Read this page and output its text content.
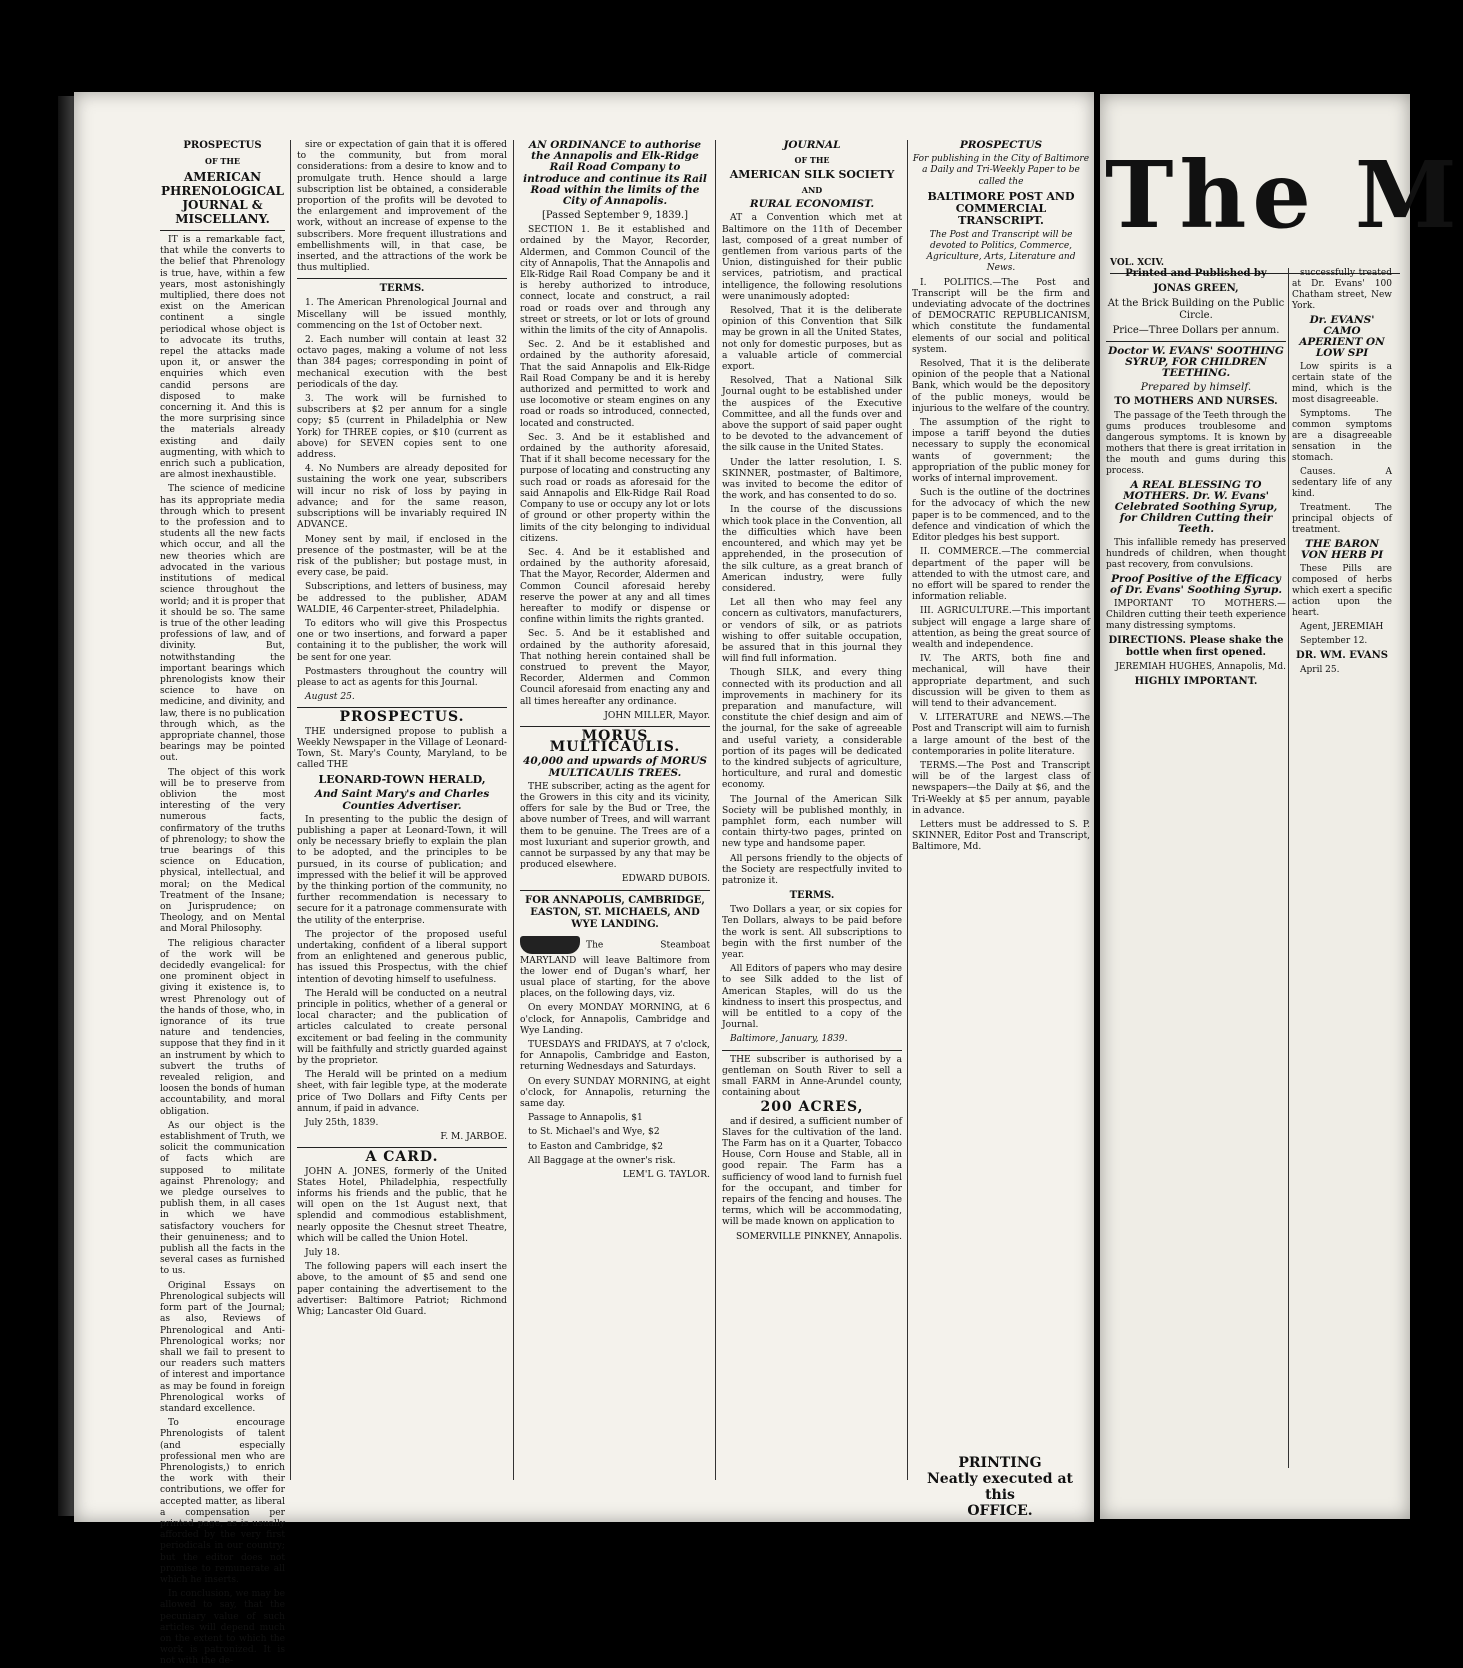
PROSPECTUS

OF THE

AMERICAN PHRENOLOGICAL JOURNAL & MISCELLANY.

IT is a remarkable fact, that while the converts to the belief that Phrenology is true, have, within a few years, most astonishingly multiplied, there does not exist on the American continent a single periodical whose object is to advocate its truths, repel the attacks made upon it, or answer the enquiries which even candid persons are disposed to make concerning it. And this is the more surprising since the materials already existing and daily augmenting, with which to enrich such a publication, are almost inexhaustible.

The science of medicine has its appropriate media through which to present to the profession and to students all the new facts which occur, and all the new theories which are advocated in the various institutions of medical science throughout the world; and it is proper that it should be so. The same is true of the other leading professions of law, and of divinity. But, notwithstanding the important bearings which phrenologists know their science to have on medicine, and divinity, and law, there is no publication through which, as the appropriate channel, those bearings may be pointed out.

The object of this work will be to preserve from oblivion the most interesting of the very numerous facts, confirmatory of the truths of phrenology; to show the true bearings of this science on Education, physical, intellectual, and moral; on the Medical Treatment of the Insane; on Jurisprudence; on Theology, and on Mental and Moral Philosophy.

The religious character of the work will be decidedly evangelical: for one prominent object in giving it existence is, to wrest Phrenology out of the hands of those, who, in ignorance of its true nature and tendencies, suppose that they find in it an instrument by which to subvert the truths of revealed religion, and loosen the bonds of human accountability, and moral obligation.

As our object is the establishment of Truth, we solicit the communication of facts which are supposed to militate against Phrenology; and we pledge ourselves to publish them, in all cases in which we have satisfactory vouchers for their genuineness; and to publish all the facts in the several cases as furnished to us.

Original Essays on Phrenological subjects will form part of the Journal; as also, Reviews of Phrenological and Anti-Phrenological works; nor shall we fail to present to our readers such matters of interest and importance as may be found in foreign Phrenological works of standard excellence.

To encourage Phrenologists of talent (and especially professional men who are Phrenologists,) to enrich the work with their contributions, we offer for accepted matter, as liberal a compensation per printed page, as is usually afforded by the very first periodicals in our country; but the editor does not promise to remunerate all which he inserts.

In conclusion, we may be allowed to say, that the pecuniary value of such articles will depend much on the extent to which the work is patronized. It is not with the de-

sire or expectation of gain that it is offered to the community, but from moral considerations: from a desire to know and to promulgate truth. Hence should a large subscription list be obtained, a considerable proportion of the profits will be devoted to the enlargement and improvement of the work, without an increase of expense to the subscribers. More frequent illustrations and embellishments will, in that case, be inserted, and the attractions of the work be thus multiplied.

TERMS.

1. The American Phrenological Journal and Miscellany will be issued monthly, commencing on the 1st of October next.

2. Each number will contain at least 32 octavo pages, making a volume of not less than 384 pages; corresponding in point of mechanical execution with the best periodicals of the day.

3. The work will be furnished to subscribers at $2 per annum for a single copy; $5 (current in Philadelphia or New York) for THREE copies, or $10 (current as above) for SEVEN copies sent to one address.

4. No Numbers are already deposited for sustaining the work one year, subscribers will incur no risk of loss by paying in advance; and for the same reason, subscriptions will be invariably required IN ADVANCE.

Money sent by mail, if enclosed in the presence of the postmaster, will be at the risk of the publisher; but postage must, in every case, be paid.

Subscriptions, and letters of business, may be addressed to the publisher, ADAM WALDIE, 46 Carpenter-street, Philadelphia.

To editors who will give this Prospectus one or two insertions, and forward a paper containing it to the publisher, the work will be sent for one year.

Postmasters throughout the country will please to act as agents for this Journal.

August 25.

PROSPECTUS.

THE undersigned propose to publish a Weekly Newspaper in the Village of Leonard-Town, St. Mary's County, Maryland, to be called THE

LEONARD-TOWN HERALD,

And Saint Mary's and Charles Counties Advertiser.

In presenting to the public the design of publishing a paper at Leonard-Town, it will only be necessary briefly to explain the plan to be adopted, and the principles to be pursued, in its course of publication; and impressed with the belief it will be approved by the thinking portion of the community, no further recommendation is necessary to secure for it a patronage commensurate with the utility of the enterprise.

The projector of the proposed useful undertaking, confident of a liberal support from an enlightened and generous public, has issued this Prospectus, with the chief intention of devoting himself to usefulness.

The Herald will be conducted on a neutral principle in politics, whether of a general or local character; and the publication of articles calculated to create personal excitement or bad feeling in the community will be faithfully and strictly guarded against by the proprietor.

The Herald will be printed on a medium sheet, with fair legible type, at the moderate price of Two Dollars and Fifty Cents per annum, if paid in advance.

July 25th, 1839.

F. M. JARBOE.

A CARD.

JOHN A. JONES, formerly of the United States Hotel, Philadelphia, respectfully informs his friends and the public, that he will open on the 1st August next, that splendid and commodious establishment, nearly opposite the Chesnut street Theatre, which will be called the Union Hotel.

July 18.

The following papers will each insert the above, to the amount of $5 and send one paper containing the advertisement to the advertiser: Baltimore Patriot; Richmond Whig; Lancaster Old Guard.

AN ORDINANCE to authorise the Annapolis and Elk-Ridge Rail Road Company to introduce and continue its Rail Road within the limits of the City of Annapolis.

[Passed September 9, 1839.]

SECTION 1. Be it established and ordained by the Mayor, Recorder, Aldermen, and Common Council of the city of Annapolis, That the Annapolis and Elk-Ridge Rail Road Company be and it is hereby authorized to introduce, connect, locate and construct, a rail road or roads over and through any street or streets, or lot or lots of ground within the limits of the city of Annapolis.

Sec. 2. And be it established and ordained by the authority aforesaid, That the said Annapolis and Elk-Ridge Rail Road Company be and it is hereby authorized and permitted to work and use locomotive or steam engines on any road or roads so introduced, connected, located and constructed.

Sec. 3. And be it established and ordained by the authority aforesaid, That if it shall become necessary for the purpose of locating and constructing any such road or roads as aforesaid for the said Annapolis and Elk-Ridge Rail Road Company to use or occupy any lot or lots of ground or other property within the limits of the city belonging to individual citizens.

Sec. 4. And be it established and ordained by the authority aforesaid, That the Mayor, Recorder, Aldermen and Common Council aforesaid hereby reserve the power at any and all times hereafter to modify or dispense or confine within limits the rights granted.

Sec. 5. And be it established and ordained by the authority aforesaid, That nothing herein contained shall be construed to prevent the Mayor, Recorder, Aldermen and Common Council aforesaid from enacting any and all times hereafter any ordinance.

JOHN MILLER, Mayor.

MORUS MULTICAULIS.

40,000 and upwards of MORUS MULTICAULIS TREES.

THE subscriber, acting as the agent for the Growers in this city and its vicinity, offers for sale by the Bud or Tree, the above number of Trees, and will warrant them to be genuine. The Trees are of a most luxuriant and superior growth, and cannot be surpassed by any that may be produced elsewhere.

EDWARD DUBOIS.

FOR ANNAPOLIS, CAMBRIDGE, EASTON, ST. MICHAELS, AND WYE LANDING.

The Steamboat MARYLAND will leave Baltimore from the lower end of Dugan's wharf, her usual place of starting, for the above places, on the following days, viz.

On every MONDAY MORNING, at 6 o'clock, for Annapolis, Cambridge and Wye Landing.

TUESDAYS and FRIDAYS, at 7 o'clock, for Annapolis, Cambridge and Easton, returning Wednesdays and Saturdays.

On every SUNDAY MORNING, at eight o'clock, for Annapolis, returning the same day.

Passage to Annapolis, $1

to St. Michael's and Wye, $2

to Easton and Cambridge, $2

All Baggage at the owner's risk.

LEM'L G. TAYLOR.

JOURNAL

OF THE

AMERICAN SILK SOCIETY

AND

RURAL ECONOMIST.

AT a Convention which met at Baltimore on the 11th of December last, composed of a great number of gentlemen from various parts of the Union, distinguished for their public services, patriotism, and practical intelligence, the following resolutions were unanimously adopted:

Resolved, That it is the deliberate opinion of this Convention that Silk may be grown in all the United States, not only for domestic purposes, but as a valuable article of commercial export.

Resolved, That a National Silk Journal ought to be established under the auspices of the Executive Committee, and all the funds over and above the support of said paper ought to be devoted to the advancement of the silk cause in the United States.

Under the latter resolution, I. S. SKINNER, postmaster, of Baltimore, was invited to become the editor of the work, and has consented to do so.

In the course of the discussions which took place in the Convention, all the difficulties which have been encountered, and which may yet be apprehended, in the prosecution of the silk culture, as a great branch of American industry, were fully considered.

Let all then who may feel any concern as cultivators, manufacturers, or vendors of silk, or as patriots wishing to offer suitable occupation, be assured that in this journal they will find full information.

Though SILK, and every thing connected with its production and all improvements in machinery for its preparation and manufacture, will constitute the chief design and aim of the journal, for the sake of agreeable and useful variety, a considerable portion of its pages will be dedicated to the kindred subjects of agriculture, horticulture, and rural and domestic economy.

The Journal of the American Silk Society will be published monthly, in pamphlet form, each number will contain thirty-two pages, printed on new type and handsome paper.

All persons friendly to the objects of the Society are respectfully invited to patronize it.

TERMS.

Two Dollars a year, or six copies for Ten Dollars, always to be paid before the work is sent. All subscriptions to begin with the first number of the year.

All Editors of papers who may desire to see Silk added to the list of American Staples, will do us the kindness to insert this prospectus, and will be entitled to a copy of the Journal.

Baltimore, January, 1839.

THE subscriber is authorised by a gentleman on South River to sell a small FARM in Anne-Arundel county, containing about

200 ACRES,

and if desired, a sufficient number of Slaves for the cultivation of the land. The Farm has on it a Quarter, Tobacco House, Corn House and Stable, all in good repair. The Farm has a sufficiency of wood land to furnish fuel for the occupant, and timber for repairs of the fencing and houses. The terms, which will be accommodating, will be made known on application to

SOMERVILLE PINKNEY, Annapolis.

PROSPECTUS

For publishing in the City of Baltimore a Daily and Tri-Weekly Paper to be called the

BALTIMORE POST AND COMMERCIAL TRANSCRIPT.

The Post and Transcript will be devoted to Politics, Commerce, Agriculture, Arts, Literature and News.

I. POLITICS.—The Post and Transcript will be the firm and undeviating advocate of the doctrines of DEMOCRATIC REPUBLICANISM, which constitute the fundamental elements of our social and political system.

Resolved, That it is the deliberate opinion of the people that a National Bank, which would be the depository of the public moneys, would be injurious to the welfare of the country.

The assumption of the right to impose a tariff beyond the duties necessary to supply the economical wants of government; the appropriation of the public money for works of internal improvement.

Such is the outline of the doctrines for the advocacy of which the new paper is to be commenced, and to the defence and vindication of which the Editor pledges his best support.

II. COMMERCE.—The commercial department of the paper will be attended to with the utmost care, and no effort will be spared to render the information reliable.

III. AGRICULTURE.—This important subject will engage a large share of attention, as being the great source of wealth and independence.

IV. The ARTS, both fine and mechanical, will have their appropriate department, and such discussion will be given to them as will tend to their advancement.

V. LITERATURE and NEWS.—The Post and Transcript will aim to furnish a large amount of the best of the contemporaries in polite literature.

TERMS.—The Post and Transcript will be of the largest class of newspapers—the Daily at $6, and the Tri-Weekly at $5 per annum, payable in advance.

Letters must be addressed to S. P. SKINNER, Editor Post and Transcript, Baltimore, Md.

PRINTING
Neatly executed at this
OFFICE.
The M
VOL. XCIV.

Printed and Published by

JONAS GREEN,

At the Brick Building on the Public Circle.

Price—Three Dollars per annum.

Doctor W. EVANS' SOOTHING SYRUP, FOR CHILDREN TEETHING.

Prepared by himself.

TO MOTHERS AND NURSES.

The passage of the Teeth through the gums produces troublesome and dangerous symptoms. It is known by mothers that there is great irritation in the mouth and gums during this process.

A REAL BLESSING TO MOTHERS. Dr. W. Evans' Celebrated Soothing Syrup, for Children Cutting their Teeth.

This infallible remedy has preserved hundreds of children, when thought past recovery, from convulsions.

Proof Positive of the Efficacy of Dr. Evans' Soothing Syrup.

IMPORTANT TO MOTHERS.—Children cutting their teeth experience many distressing symptoms.

DIRECTIONS. Please shake the bottle when first opened.

JEREMIAH HUGHES, Annapolis, Md.

HIGHLY IMPORTANT.

successfully treated at Dr. Evans' 100 Chatham street, New York.

Dr. EVANS' CAMO APERIENT ON LOW SPI

Low spirits is a certain state of the mind, which is the most disagreeable.

Symptoms. The common symptoms are a disagreeable sensation in the stomach.

Causes. A sedentary life of any kind.

Treatment. The principal objects of treatment.

THE BARON VON HERB PI

These Pills are composed of herbs which exert a specific action upon the heart.

Agent, JEREMIAH

September 12.

DR. WM. EVANS

April 25.
